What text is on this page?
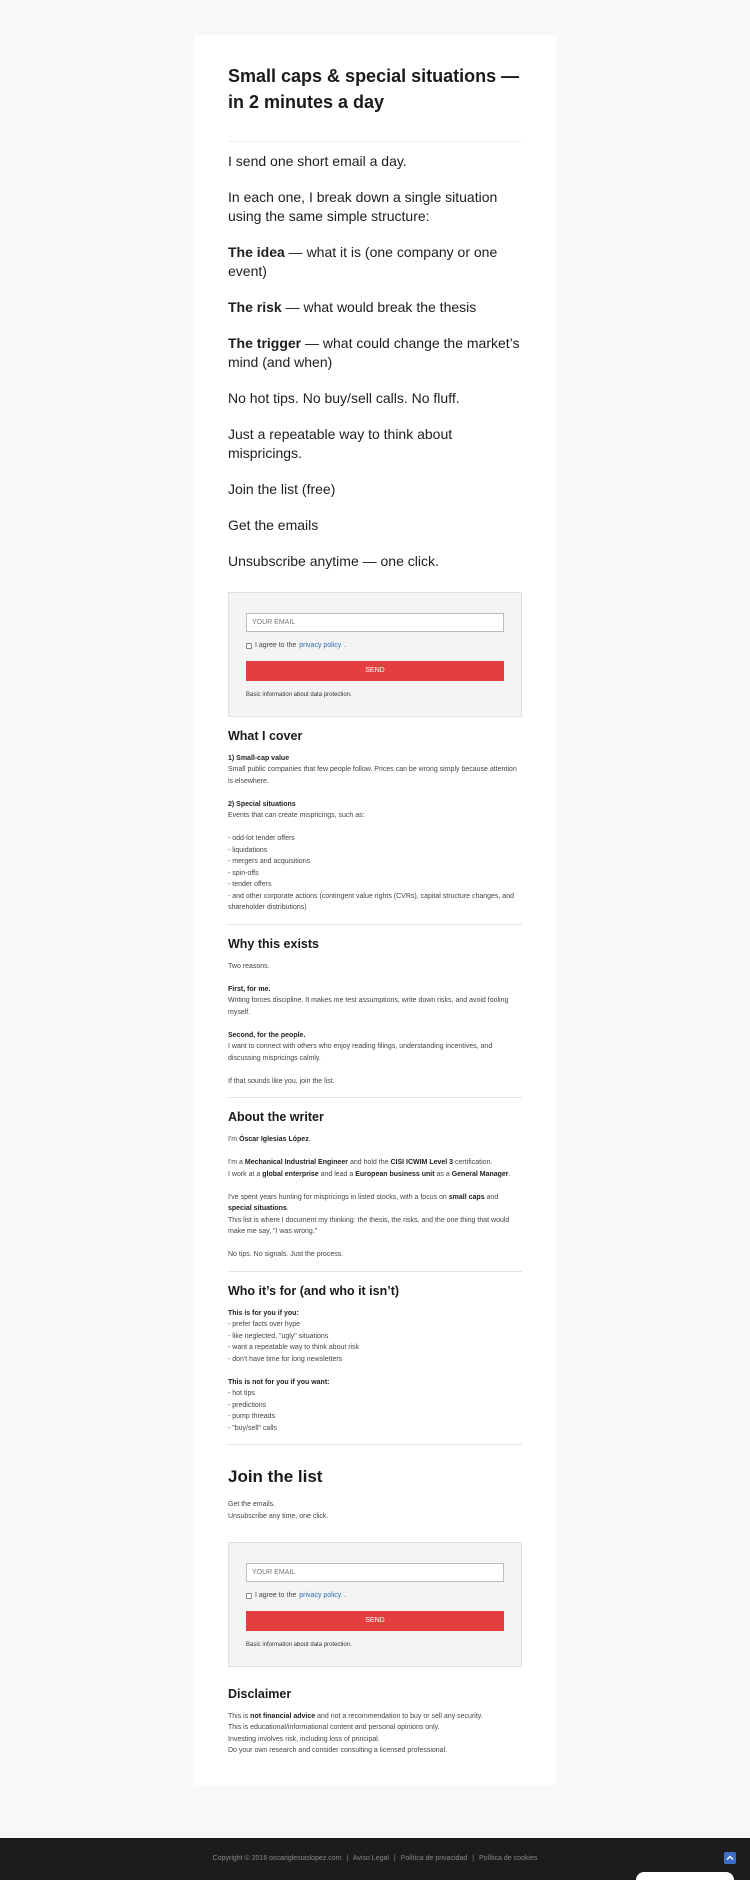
Small caps & special situations — in 2 minutes a day

I send one short email a day.

In each one, I break down a single situation using the same simple structure:

The idea — what it is (one company or one event)

The risk — what would break the thesis

The trigger — what could change the market’s mind (and when)

No hot tips. No buy/sell calls. No fluff.

Just a repeatable way to think about mispricings.

Join the list (free)

Get the emails

Unsubscribe anytime — one click.

YOUR EMAIL
I agree to the privacy policy .
SEND
Basic information about data protection.
What I cover
1) Small-cap value
Small public companies that few people follow. Prices can be wrong simply because attention is elsewhere.
2) Special situations
Events that can create mispricings, such as:
- odd-lot tender offers
- liquidations
- mergers and acquisitions
- spin-offs
- tender offers
- and other corporate actions (contingent value rights (CVRs), capital structure changes, and shareholder distributions)
Why this exists
Two reasons.
First, for me.
Writing forces discipline. It makes me test assumptions, write down risks, and avoid fooling myself.
Second, for the people.
I want to connect with others who enjoy reading filings, understanding incentives, and discussing mispricings calmly.
If that sounds like you, join the list.
About the writer
I'm Óscar Iglesias López.
I'm a Mechanical Industrial Engineer and hold the CISI ICWIM Level 3 certification.
I work at a global enterprise and lead a European business unit as a General Manager.
I've spent years hunting for mispricings in listed stocks, with a focus on small caps and special situations.
This list is where I document my thinking: the thesis, the risks, and the one thing that would make me say, "I was wrong."
No tips. No signals. Just the process.
Who it’s for (and who it isn’t)
This is for you if you:
- prefer facts over hype
- like neglected, "ugly" situations
- want a repeatable way to think about risk
- don't have time for long newsletters
This is not for you if you want:
- hot tips
- predictions
- pump threads
- "buy/sell" calls
Join the list
Get the emails.
Unsubscribe any time, one click.
YOUR EMAIL
I agree to the privacy policy .
SEND
Basic information about data protection.
Disclaimer
This is not financial advice and not a recommendation to buy or sell any security.
This is educational/informational content and personal opinions only.
Investing involves risk, including loss of principal.
Do your own research and consider consulting a licensed professional.
Copyright © 2016 oscariglesiaslopez.com | Aviso Legal | Política de privacidad | Política de cookies
